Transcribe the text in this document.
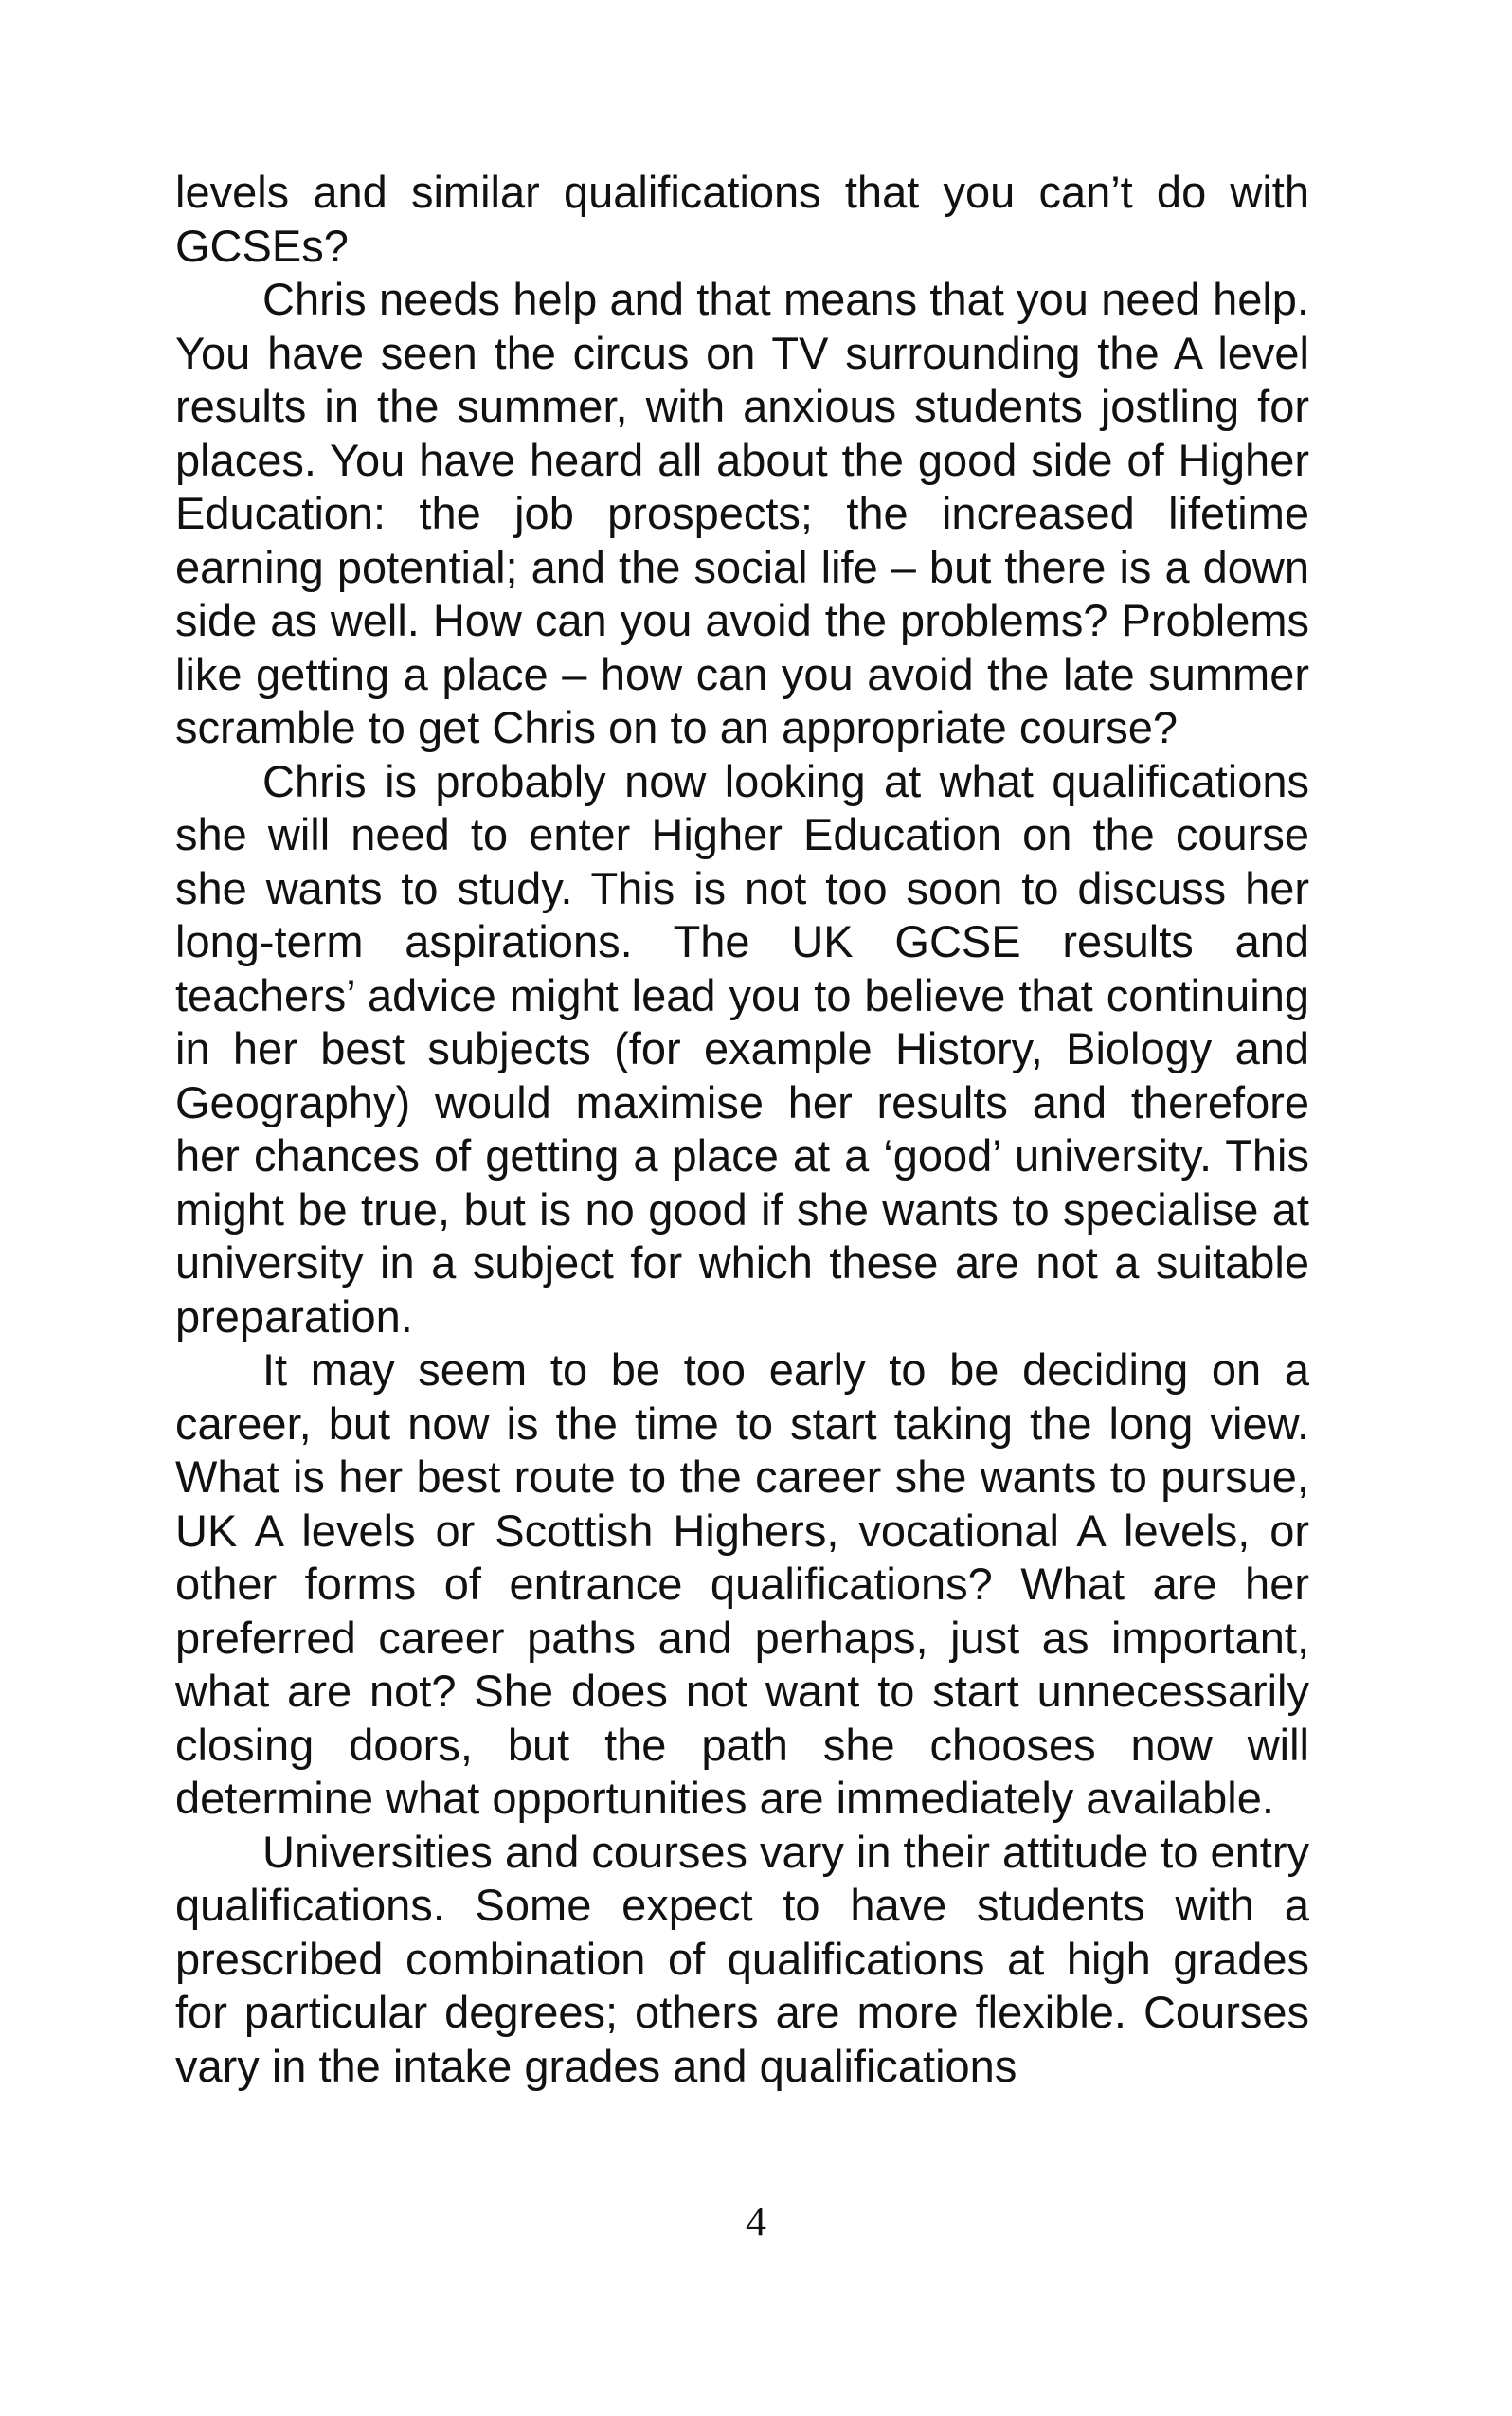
levels and similar qualifications that you can’t do with GCSEs?

Chris needs help and that means that you need help. You have seen the circus on TV surrounding the A level results in the summer, with anxious students jostling for places. You have heard all about the good side of Higher Education: the job prospects; the increased lifetime earning potential; and the social life – but there is a down side as well. How can you avoid the problems? Problems like getting a place – how can you avoid the late summer scramble to get Chris on to an appropriate course?

Chris is probably now looking at what qualifications she will need to enter Higher Education on the course she wants to study. This is not too soon to discuss her long-term aspirations. The UK GCSE results and teachers’ advice might lead you to believe that continuing in her best subjects (for example History, Biology and Geography) would maximise her results and therefore her chances of getting a place at a ‘good’ university. This might be true, but is no good if she wants to specialise at university in a subject for which these are not a suitable preparation.

It may seem to be too early to be deciding on a career, but now is the time to start taking the long view. What is her best route to the career she wants to pursue, UK A levels or Scottish Highers, vocational A levels, or other forms of entrance qualifications? What are her preferred career paths and perhaps, just as important, what are not? She does not want to start unnecessarily closing doors, but the path she chooses now will determine what opportunities are immediately available.

Universities and courses vary in their attitude to entry qualifications. Some expect to have students with a prescribed combination of qualifications at high grades for particular degrees; others are more flexible. Courses vary in the intake grades and qualifications

4
